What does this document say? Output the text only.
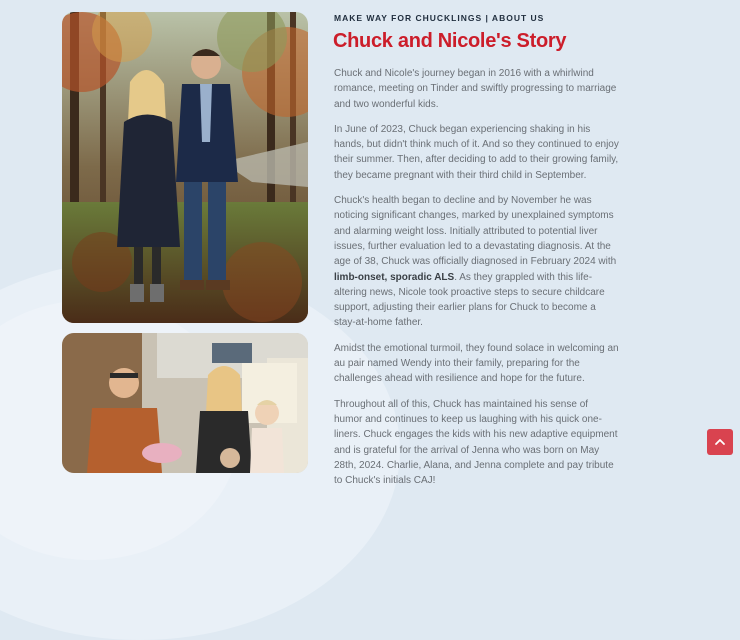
MAKE WAY FOR CHUCKLINGS | ABOUT US
Chuck and Nicole's Story

Chuck and Nicole's journey began in 2016 with a whirlwind romance, meeting on Tinder and swiftly progressing to marriage and two wonderful kids.

In June of 2023, Chuck began experiencing shaking in his hands, but didn't think much of it. And so they continued to enjoy their summer. Then, after deciding to add to their growing family, they became pregnant with their third child in September.

Chuck's health began to decline and by November he was noticing significant changes, marked by unexplained symptoms and alarming weight loss. Initially attributed to potential liver issues, further evaluation led to a devastating diagnosis. At the age of 38, Chuck was officially diagnosed in February 2024 with limb-onset, sporadic ALS. As they grappled with this life-altering news, Nicole took proactive steps to secure childcare support, adjusting their earlier plans for Chuck to become a stay-at-home father.

Amidst the emotional turmoil, they found solace in welcoming an au pair named Wendy into their family, preparing for the challenges ahead with resilience and hope for the future.

Throughout all of this, Chuck has maintained his sense of humor and continues to keep us laughing with his quick one-liners. Chuck engages the kids with his new adaptive equipment and is grateful for the arrival of Jenna who was born on May 28th, 2024. Charlie, Alana, and Jenna complete and pay tribute to Chuck's initials CAJ!
